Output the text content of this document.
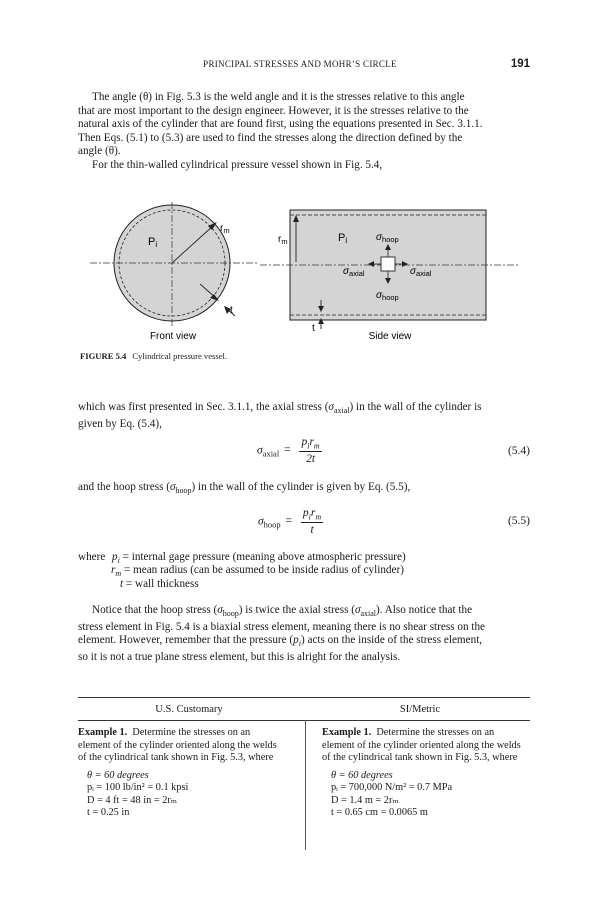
PRINCIPAL STRESSES AND MOHR’S CIRCLE	191
The angle (θ) in Fig. 5.3 is the weld angle and it is the stresses relative to this angle
that are most important to the design engineer. However, it is the stresses relative to the
natural axis of the cylinder that are found first, using the equations presented in Sec. 3.1.1.
Then Eqs. (5.1) to (5.3) are used to find the stresses along the direction defined by the
angle (θ).
For the thin-walled cylindrical pressure vessel shown in Fig. 5.4,
Pi
$r_m$
t
Front view
$r_m$	Pi	$\sigma_{hoop}$
$\sigma_{hoop}$
$\sigma_{axial}$	$\sigma_{axial}$
t
Side view
FIGURE 5.4 Cylindrical pressure vessel.
which was first presented in Sec. 3.1.1, the axial stress $(\sigma_{axial})$ in the wall of the cylinder is
given by Eq. (5.4),
$\sigma_{axial} = \frac{p_ir_m}{2t}$	(5.4)
and the hoop stress $(\sigma_{hoop})$ in the wall of the cylinder is given by Eq. (5.5),
$\sigma_{hoop} = \frac{p_ir_m}{t}$	(5.5)
where $p_i$ = internal gage pressure (meaning above atmospheric pressure)
$r_m$ = mean radius (can be assumed to be inside radius of cylinder)
t = wall thickness
Notice that the hoop stress $(\sigma_{hoop})$ is twice the axial stress $(\sigma_{axial})$. Also notice that the
stress element in Fig. 5.4 is a biaxial stress element, meaning there is no shear stress on the
element. However, remember that the pressure $(p_i)$ acts on the inside of the stress element,
so it is not a true plane stress element, but this is alright for the analysis.
U.S. Customary	SI/Metric
Example 1. Determine the stresses on an
element of the cylinder oriented along the welds
of the cylindrical tank shown in Fig. 5.3, where
θ = 60 degrees
pᵢ = 100 lb/in² = 0.1 kpsi
D = 4 ft = 48 in = 2rₘ
t = 0.25 in
Example 1. Determine the stresses on an
element of the cylinder oriented along the welds
of the cylindrical tank shown in Fig. 5.3, where
θ = 60 degrees
pᵢ = 700,000 N/m² = 0.7 MPa
D = 1.4 m = 2rₘ
t = 0.65 cm = 0.0065 m
